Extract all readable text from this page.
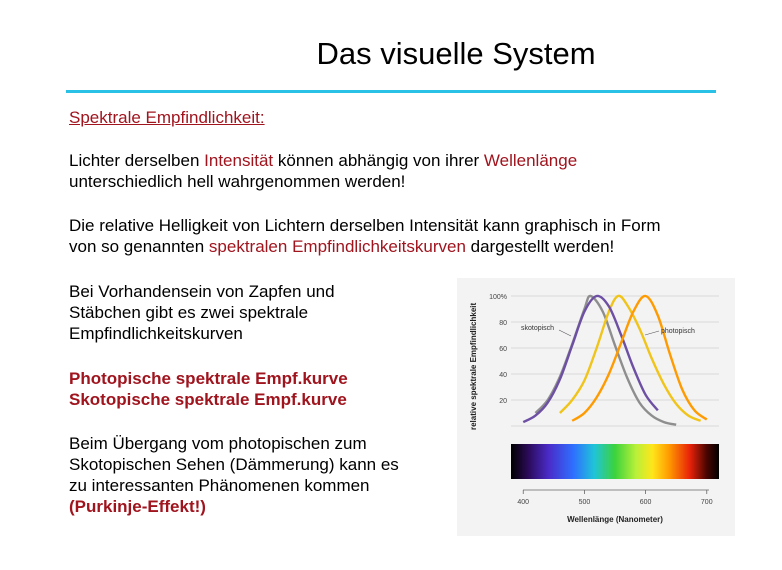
Das visuelle System
Spektrale Empfindlichkeit:
Lichter derselben Intensität können abhängig von ihrer Wellenlänge
unterschiedlich hell wahrgenommen werden!
Die relative Helligkeit von Lichtern derselben Intensität kann graphisch in Form
von so genannten spektralen Empfindlichkeitskurven dargestellt werden!
Bei Vorhandensein von Zapfen und
Stäbchen gibt es zwei spektrale
Empfindlichkeitskurven
Photopische spektrale Empf.kurve
Skotopische spektrale Empf.kurve
Beim Übergang vom photopischen zum
Skotopischen Sehen (Dämmerung) kann es
zu interessanten Phänomenen kommen
(Purkinje-Effekt!)
100%
80
60
40
20
400	500	600	700
skotopisch	photopisch
relative spektrale Empfindlichkeit
Wellenlänge (Nanometer)
